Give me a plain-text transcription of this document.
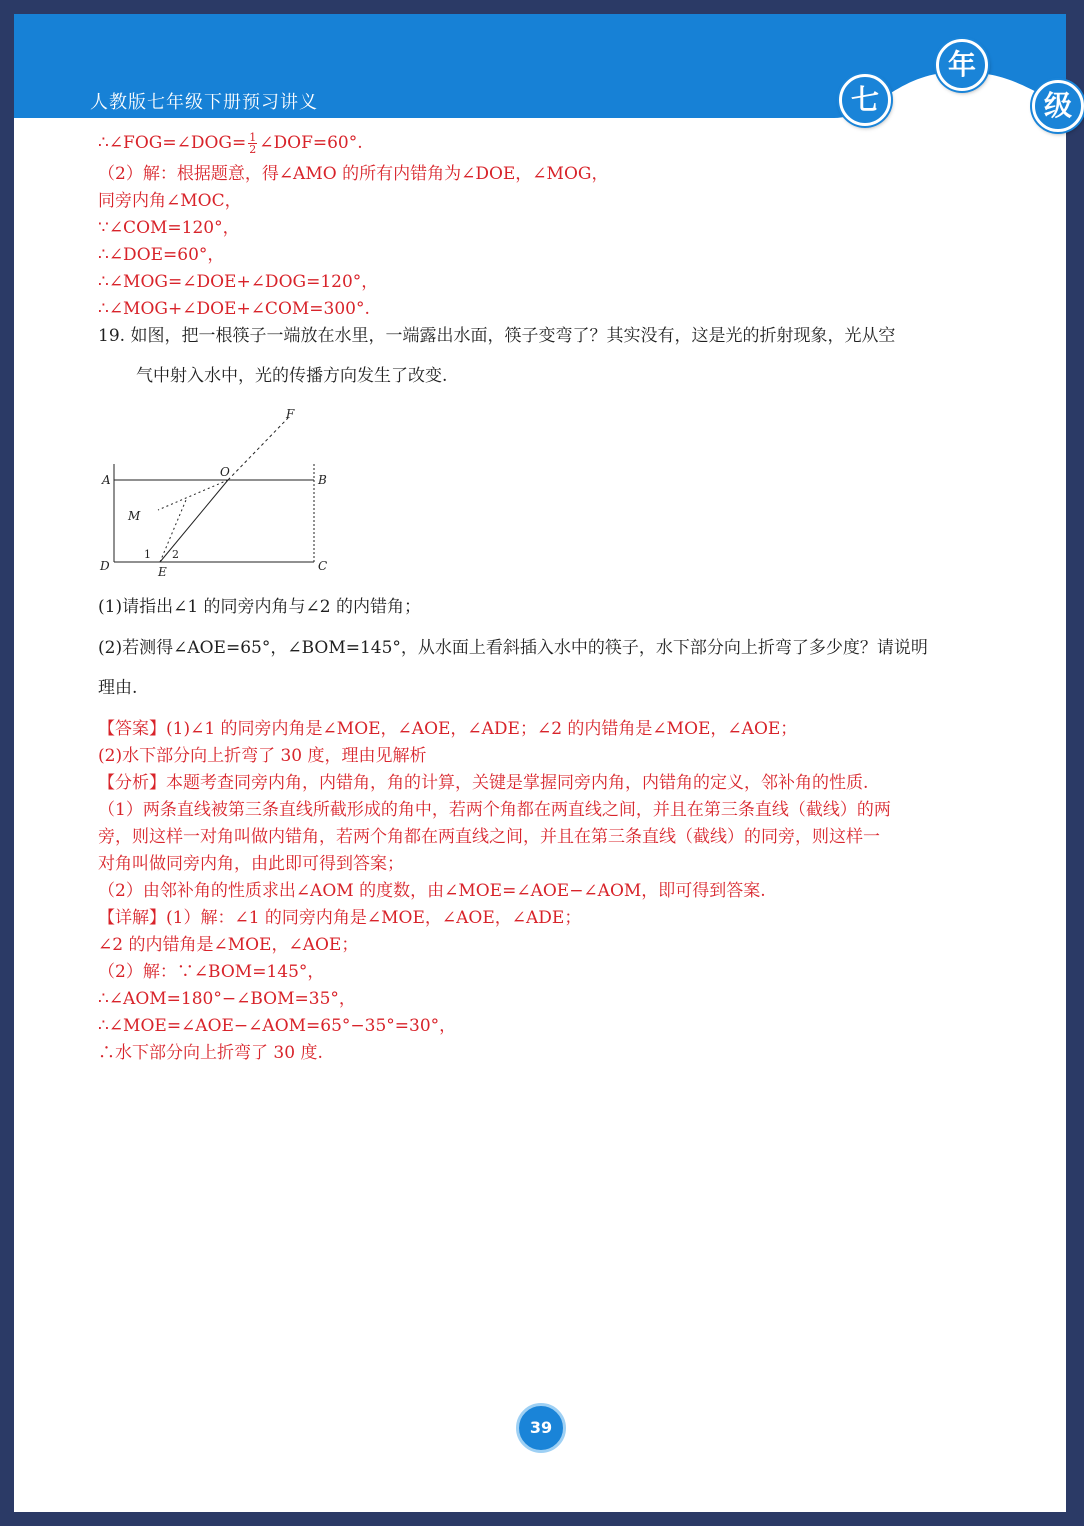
人教版七年级下册预习讲义	七
年
级
∴∠FOG=∠DOG= $\frac{1}{2}$ ∠DOF=60°.
（2）解：根据题意，得∠AMO 的所有内错角为∠DOE，∠MOG，
同旁内角∠MOC，
∵∠COM=120°，
∴∠DOE=60°，
∴∠MOG=∠DOE+∠DOG=120°，
∴∠MOG+∠DOE+∠COM=300°.
19. 如图，把一根筷子一端放在水里，一端露出水面，筷子变弯了？其实没有，这是光的折射现象，光从空
气中射入水中，光的传播方向发生了改变.
A	B
C
D	E
F
O
M
1 2
(1)请指出∠1 的同旁内角与∠2 的内错角；
(2)若测得∠AOE=65°，∠BOM=145°，从水面上看斜插入水中的筷子，水下部分向上折弯了多少度？请说明
理由.
【答案】(1)∠1 的同旁内角是∠MOE，∠AOE，∠ADE；∠2 的内错角是∠MOE，∠AOE；
(2)水下部分向上折弯了 30 度，理由见解析
【分析】本题考查同旁内角，内错角，角的计算，关键是掌握同旁内角，内错角的定义，邻补角的性质.
（1）两条直线被第三条直线所截形成的角中，若两个角都在两直线之间，并且在第三条直线（截线）的两
旁，则这样一对角叫做内错角，若两个角都在两直线之间，并且在第三条直线（截线）的同旁，则这样一
对角叫做同旁内角，由此即可得到答案；
（2）由邻补角的性质求出∠AOM 的度数，由∠MOE=∠AOE−∠AOM，即可得到答案.
【详解】(1）解：∠1 的同旁内角是∠MOE，∠AOE，∠ADE；
∠2 的内错角是∠MOE，∠AOE；
（2）解：∵∠BOM=145°，
∴∠AOM=180°−∠BOM=35°，
∴∠MOE=∠AOE−∠AOM=65°−35°=30°，
∴水下部分向上折弯了 30 度.
39
